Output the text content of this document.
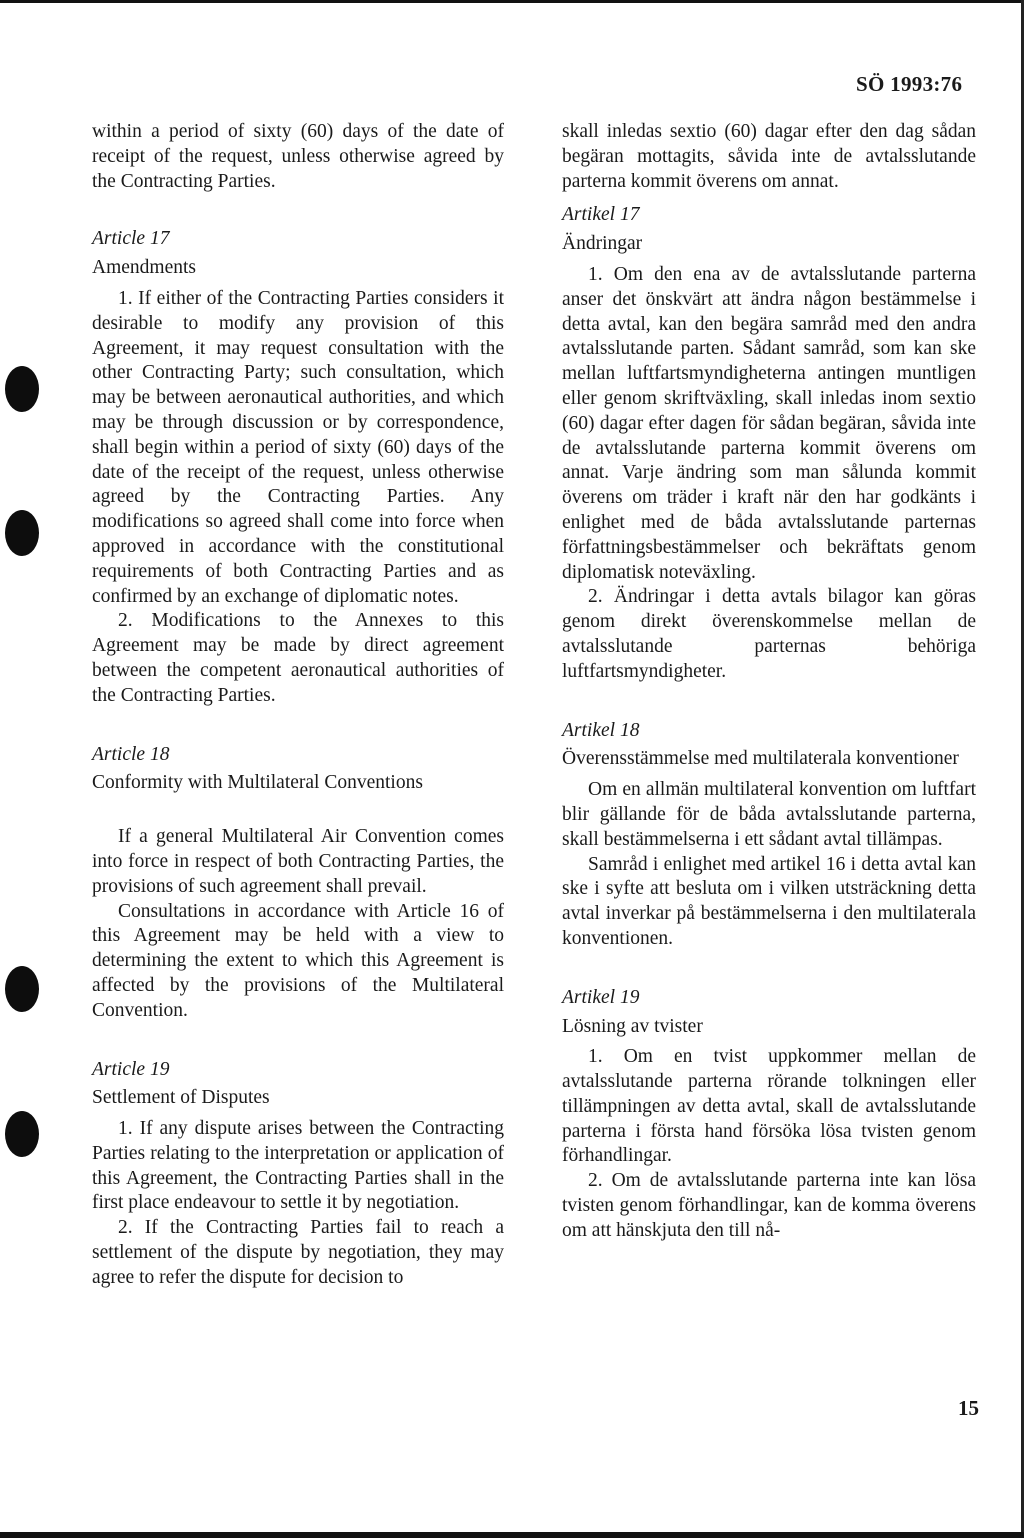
SÖ 1993:76

within a period of sixty (60) days of the date of receipt of the request, unless otherwise agreed by the Contracting Parties.

Article 17
Amendments

1. If either of the Contracting Parties considers it desirable to modify any provision of this Agreement, it may request consultation with the other Contracting Party; such consultation, which may be between aeronautical authorities, and which may be through discussion or by correspondence, shall begin within a period of sixty (60) days of the date of the receipt of the request, unless otherwise agreed by the Contracting Parties. Any modifications so agreed shall come into force when approved in accordance with the constitutional requirements of both Contracting Parties and as confirmed by an exchange of diplomatic notes.

2. Modifications to the Annexes to this Agreement may be made by direct agreement between the competent aeronautical authorities of the Contracting Parties.

Article 18
Conformity with Multilateral Conventions

If a general Multilateral Air Convention comes into force in respect of both Contracting Parties, the provisions of such agreement shall prevail.

Consultations in accordance with Article 16 of this Agreement may be held with a view to determining the extent to which this Agreement is affected by the provisions of the Multilateral Convention.

Article 19
Settlement of Disputes

1. If any dispute arises between the Contracting Parties relating to the interpretation or application of this Agreement, the Contracting Parties shall in the first place endeavour to settle it by negotiation.

2. If the Contracting Parties fail to reach a settlement of the dispute by negotiation, they may agree to refer the dispute for decision to

skall inledas sextio (60) dagar efter den dag sådan begäran mottagits, såvida inte de avtalsslutande parterna kommit överens om annat.

Artikel 17
Ändringar

1. Om den ena av de avtalsslutande parterna anser det önskvärt att ändra någon bestämmelse i detta avtal, kan den begära samråd med den andra avtalsslutande parten. Sådant samråd, som kan ske mellan luftfartsmyndigheterna antingen muntligen eller genom skriftväxling, skall inledas inom sextio (60) dagar efter dagen för sådan begäran, såvida inte de avtalsslutande parterna kommit överens om annat. Varje ändring som man sålunda kommit överens om träder i kraft när den har godkänts i enlighet med de båda avtalsslutande parternas författningsbestämmelser och bekräftats genom diplomatisk noteväxling.

2. Ändringar i detta avtals bilagor kan göras genom direkt överenskommelse mellan de avtalsslutande parternas behöriga luftfartsmyndigheter.

Artikel 18
Överensstämmelse med multilaterala konventioner

Om en allmän multilateral konvention om luftfart blir gällande för de båda avtalsslutande parterna, skall bestämmelserna i ett sådant avtal tillämpas.

Samråd i enlighet med artikel 16 i detta avtal kan ske i syfte att besluta om i vilken utsträckning detta avtal inverkar på bestämmelserna i den multilaterala konventionen.

Artikel 19
Lösning av tvister

1. Om en tvist uppkommer mellan de avtalsslutande parterna rörande tolkningen eller tillämpningen av detta avtal, skall de avtalsslutande parterna i första hand försöka lösa tvisten genom förhandlingar.

2. Om de avtalsslutande parterna inte kan lösa tvisten genom förhandlingar, kan de komma överens om att hänskjuta den till nå-

15
